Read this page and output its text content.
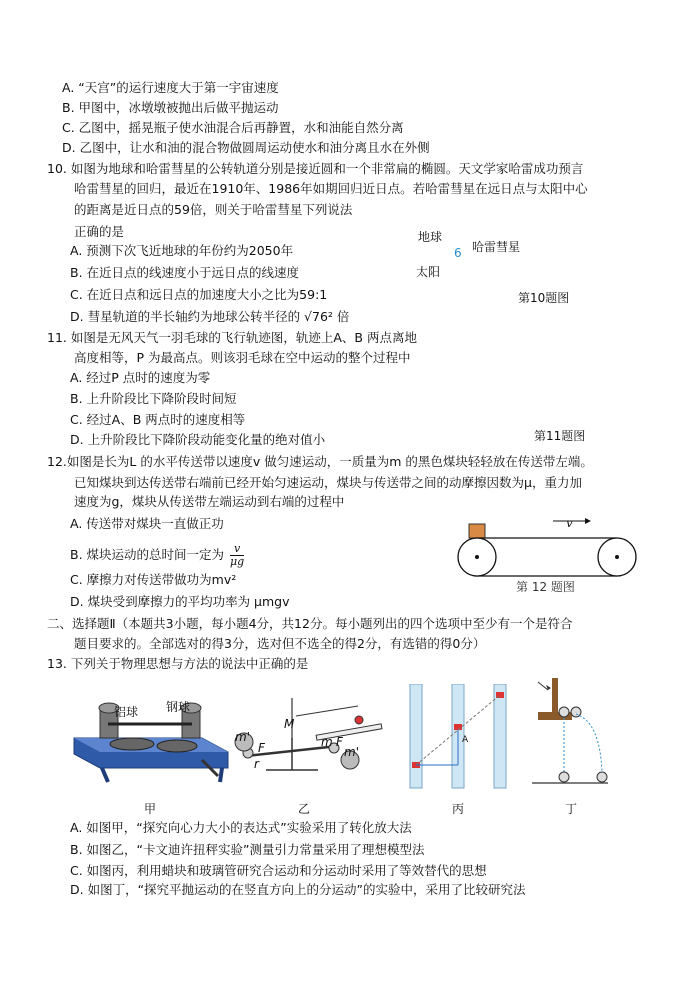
A. “天宫”的运行速度大于第一宇宙速度
B. 甲图中，冰墩墩被抛出后做平抛运动
C. 乙图中，摇晃瓶子使水油混合后再静置，水和油能自然分离
D. 乙图中，让水和油的混合物做圆周运动使水和油分离且水在外侧
10. 如图为地球和哈雷彗星的公转轨道分别是接近圆和一个非常扁的椭圆。天文学家哈雷成功预言
哈雷彗星的回归，最近在1910年、1986年如期回归近日点。若哈雷彗星在远日点与太阳中心
的距离是近日点的59倍，则关于哈雷彗星下列说法
正确的是
A. 预测下次飞近地球的年份约为2050年
B. 在近日点的线速度小于远日点的线速度
C. 在近日点和远日点的加速度大小之比为59:1
D. 彗星轨道的半长轴约为地球公转半径的 √76² 倍
地球
6 哈雷彗星
太阳
第10题图
11. 如图是无风天气一羽毛球的飞行轨迹图，轨迹上A、B 两点离地
高度相等，P 为最高点。则该羽毛球在空中运动的整个过程中
A. 经过P 点时的速度为零
B. 上升阶段比下降阶段时间短
C. 经过A、B 两点时的速度相等
D. 上升阶段比下降阶段动能变化量的绝对值小	第11题图
12.如图是长为L 的水平传送带以速度v 做匀速运动，一质量为m 的黑色煤块轻轻放在传送带左端。
已知煤块到达传送带右端前已经开始匀速运动，煤块与传送带之间的动摩擦因数为μ，重力加
速度为g，煤块从传送带左端运动到右端的过程中
A. 传送带对煤块一直做正功
B. 煤块运动的总时间一定为 $\frac{v}{\mu g}$
C. 摩擦力对传送带做功为mv²
D. 煤块受到摩擦力的平均功率为 μmgv
v
第 12 题图
二、选择题Ⅱ（本题共3小题，每小题4分，共12分。每小题列出的四个选项中至少有一个是符合
题目要求的。全部选对的得3分，选对但不选全的得2分，有选错的得0分）
13. 下列关于物理思想与方法的说法中正确的是
铝球 钢球
M
m'
F
r
m F
m'
A
甲	乙	丙	丁
A. 如图甲，“探究向心力大小的表达式”实验采用了转化放大法
B. 如图乙，“卡文迪许扭秤实验”测量引力常量采用了理想模型法
C. 如图丙，利用蜡块和玻璃管研究合运动和分运动时采用了等效替代的思想
D. 如图丁，“探究平抛运动的在竖直方向上的分运动”的实验中，采用了比较研究法
